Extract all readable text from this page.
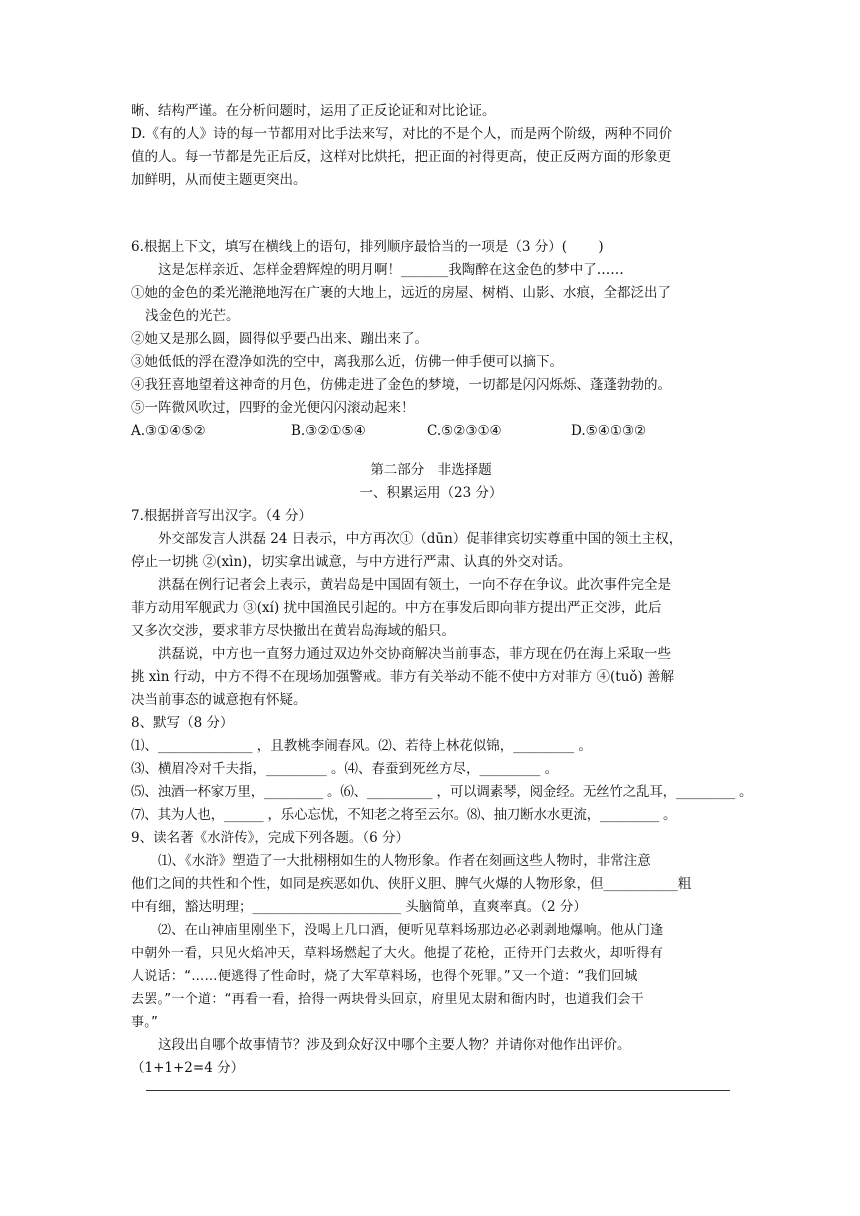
晰、结构严谨。在分析问题时，运用了正反论证和对比论证。
D.《有的人》诗的每一节都用对比手法来写，对比的不是个人，而是两个阶级，两种不同价
值的人。每一节都是先正后反，这样对比烘托，把正面的衬得更高，使正反两方面的形象更
加鲜明，从而使主题更突出。
6.根据上下文，填写在横线上的语句，排列顺序最恰当的一项是（3 分）(　　 )
这是怎样亲近、怎样金碧辉煌的明月啊！_______我陶醉在这金色的梦中了……
①她的金色的柔光滟滟地泻在广裹的大地上，远近的房屋、树梢、山影、水痕，全都泛出了
浅金色的光芒。
②她又是那么圆，圆得似乎要凸出来、蹦出来了。
③她低低的浮在澄净如洗的空中，离我那么近，仿佛一伸手便可以摘下。
④我狂喜地望着这神奇的月色，仿佛走进了金色的梦境，一切都是闪闪烁烁、蓬蓬勃勃的。
⑤一阵微风吹过，四野的金光便闪闪滚动起来！
A.③①④⑤②	B.③②①⑤④	C.⑤②③①④	D.⑤④①③②
第二部分　非选择题
一、积累运用（23 分）
7.根据拼音写出汉字。（4 分）
外交部发言人洪磊 24 日表示，中方再次①（dūn）促菲律宾切实尊重中国的领土主权，
停止一切挑 ②(xìn)，切实拿出诚意，与中方进行严肃、认真的外交对话。
洪磊在例行记者会上表示，黄岩岛是中国固有领土，一向不存在争议。此次事件完全是
菲方动用军舰武力 ③(xí) 扰中国渔民引起的。中方在事发后即向菲方提出严正交涉，此后
又多次交涉，要求菲方尽快撤出在黄岩岛海域的船只。
洪磊说，中方也一直努力通过双边外交协商解决当前事态，菲方现在仍在海上采取一些
挑 xìn 行动，中方不得不在现场加强警戒。菲方有关举动不能不使中方对菲方 ④(tuǒ) 善解
决当前事态的诚意抱有怀疑。
8、默写（8 分）
⑴、______________ ，且教桃李闹春风。⑵、若待上林花似锦，_________ 。
⑶、横眉冷对千夫指，_________ 。⑷、春蚕到死丝方尽，_________ 。
⑸、浊酒一杯家万里，_________ 。⑹、__________ ，可以调素琴，阅金经。无丝竹之乱耳，_________ 。
⑺、其为人也，______ ，乐心忘忧，不知老之将至云尔。⑻、抽刀断水水更流，_________ 。
9、读名著《水浒传》，完成下列各题。（6 分）
⑴、《水浒》塑造了一大批栩栩如生的人物形象。作者在刻画这些人物时，非常注意
他们之间的共性和个性，如同是疾恶如仇、侠肝义胆、脾气火爆的人物形象，但___________粗
中有细，豁达明理；______________________ 头脑简单，直爽率真。（2 分）
⑵、在山神庙里刚坐下，没喝上几口酒，便听见草料场那边必必剥剥地爆响。他从门逢
中朝外一看，只见火焰冲天，草料场燃起了大火。他提了花枪，正待开门去救火，却听得有
人说话：“……便逃得了性命时，烧了大军草料场，也得个死罪。”又一个道：“我们回城
去罢。”一个道：“再看一看，拾得一两块骨头回京，府里见太尉和衙内时，也道我们会干
事。”
这段出自哪个故事情节？涉及到众好汉中哪个主要人物？并请你对他作出评价。
（1+1+2=4 分）
